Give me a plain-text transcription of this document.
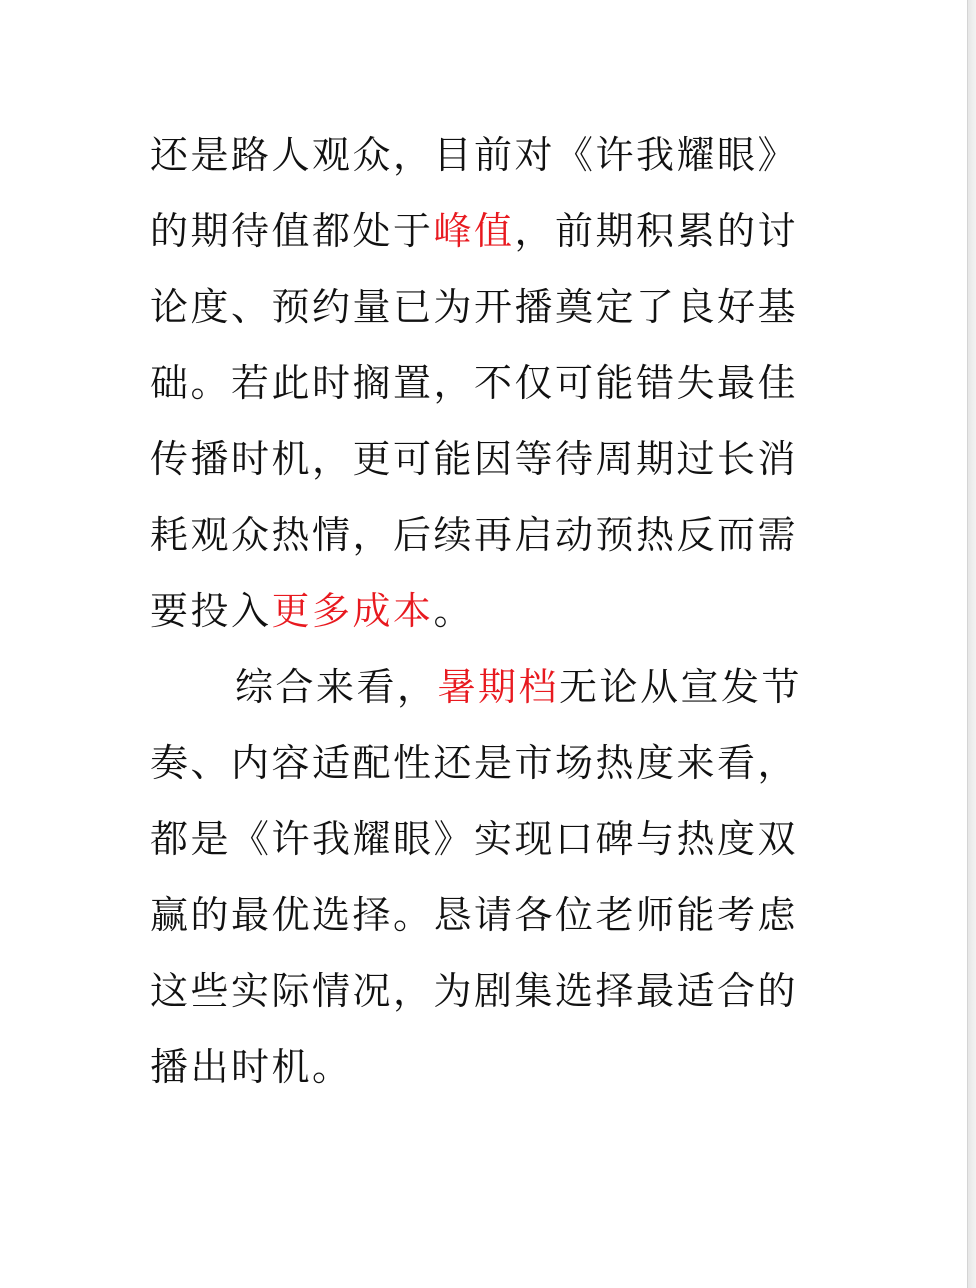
还是路人观众，目前对《许我耀眼》
的期待值都处于峰值，前期积累的讨
论度、预约量已为开播奠定了良好基
础。若此时搁置，不仅可能错失最佳
传播时机，更可能因等待周期过长消
耗观众热情，后续再启动预热反而需
要投入更多成本。
综合来看，暑期档无论从宣发节
奏、内容适配性还是市场热度来看，
都是《许我耀眼》实现口碑与热度双
赢的最优选择。恳请各位老师能考虑
这些实际情况，为剧集选择最适合的
播出时机。
